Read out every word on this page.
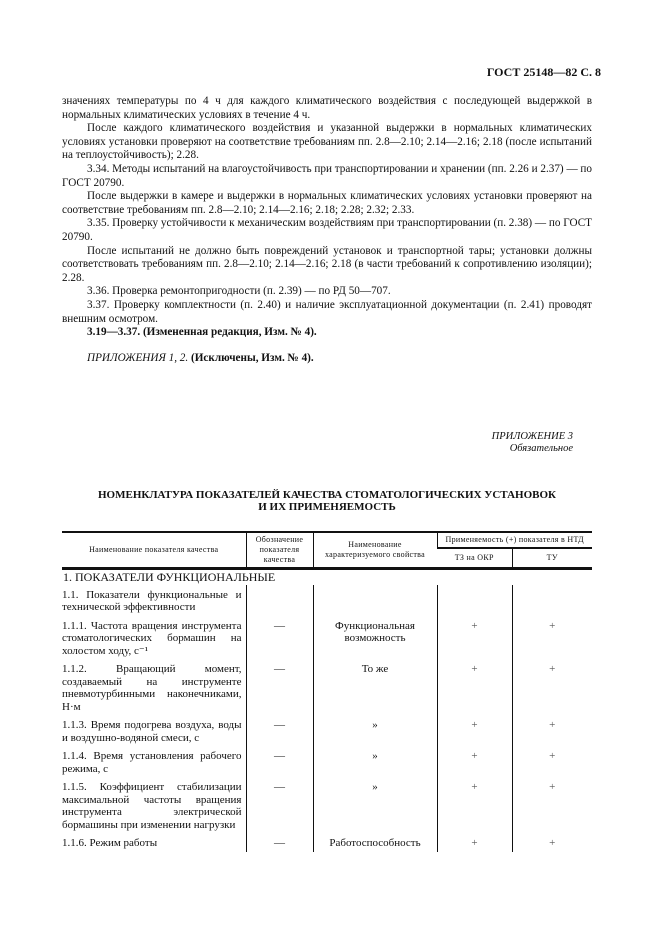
ГОСТ 25148—82 С. 8

значениях температуры по 4 ч для каждого климатического воздействия с последующей выдержкой в нормальных климатических условиях в течение 4 ч.

После каждого климатического воздействия и указанной выдержки в нормальных климатических условиях установки проверяют на соответствие требованиям пп. 2.8—2.10; 2.14—2.16; 2.18 (после испытаний на теплоустойчивость); 2.28.

3.34. Методы испытаний на влагоустойчивость при транспортировании и хранении (пп. 2.26 и 2.37) — по ГОСТ 20790.

После выдержки в камере и выдержки в нормальных климатических условиях установки проверяют на соответствие требованиям пп. 2.8—2.10; 2.14—2.16; 2.18; 2.28; 2.32; 2.33.

3.35. Проверку устойчивости к механическим воздействиям при транспортировании (п. 2.38) — по ГОСТ 20790.

После испытаний не должно быть повреждений установок и транспортной тары; установки должны соответствовать требованиям пп. 2.8—2.10; 2.14—2.16; 2.18 (в части требований к сопротивлению изоляции); 2.28.

3.36. Проверка ремонтопригодности (п. 2.39) — по РД 50—707.

3.37. Проверку комплектности (п. 2.40) и наличие эксплуатационной документации (п. 2.41) проводят внешним осмотром.

3.19—3.37. (Измененная редакция, Изм. № 4).

ПРИЛОЖЕНИЯ 1, 2. (Исключены, Изм. № 4).

ПРИЛОЖЕНИЕ 3
Обязательное
НОМЕНКЛАТУРА ПОКАЗАТЕЛЕЙ КАЧЕСТВА СТОМАТОЛОГИЧЕСКИХ УСТАНОВОК
И ИХ ПРИМЕНЯЕМОСТЬ
Наименование показателя качества	Обозначение показателя качества	Наименование характеризуемого свойства	Применяемость (+) показателя в НТД	
			ТЗ на ОКР	ТУ
1. ПОКАЗАТЕЛИ ФУНКЦИОНАЛЬНЫЕ				
1.1. Показатели функциональные и технической эффективности				
1.1.1. Частота вращения инструмента стоматологических бормашин на холостом ходу, с⁻¹	—	Функциональная возможность	+	+
1.1.2. Вращающий момент, создаваемый на инструменте пневмотурбинными наконечниками, Н·м	—	То же	+	+
1.1.3. Время подогрева воздуха, воды и воздушно-водяной смеси, с	—	»	+	+
1.1.4. Время установления рабочего режима, с	—	»	+	+
1.1.5. Коэффициент стабилизации максимальной частоты вращения инструмента электрической бормашины при изменении нагрузки	—	»	+	+
1.1.6. Режим работы	—	Работоспособность	+	+
